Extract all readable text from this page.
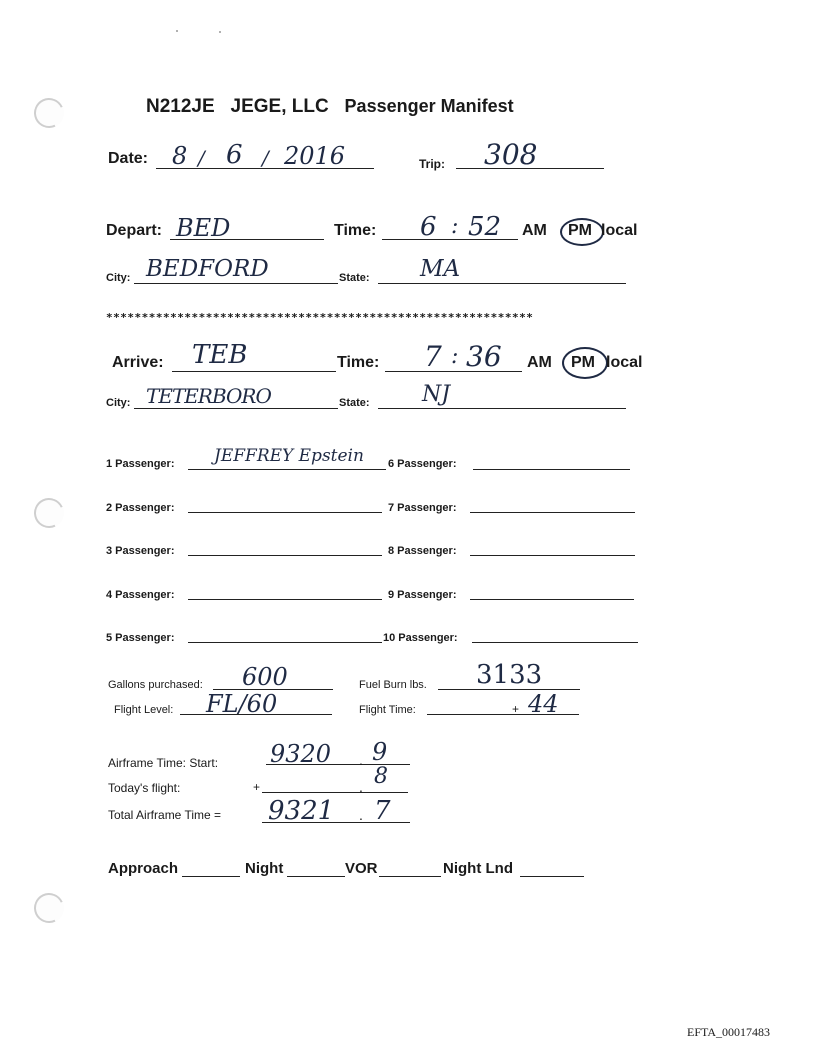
N212JE JEGE, LLC Passenger Manifest
Date: 8 / 6 / 2016	Trip: 308
Depart: BED	Time: 6 : 52 AM PM local
City: BEDFORD	State: MA
************************************************************
Arrive: TEB	Time: 7 : 36 AM PM local
City: TETERBORO	State: NJ
1 Passenger: JEFFREY Epstein 6 Passenger:
2 Passenger:	7 Passenger:
3 Passenger:	8 Passenger:
4 Passenger:	9 Passenger:
5 Passenger:	10 Passenger:
Gallons purchased: 600	Fuel Burn lbs. 3133
Flight Level: FL/60	Flight Time:	+ 44
Airframe Time: Start: 9320 . 9
Today's flight:	+	. 8
Total Airframe Time = 9321 . 7
Approach	Night	VOR	Night Lnd
EFTA_00017483
